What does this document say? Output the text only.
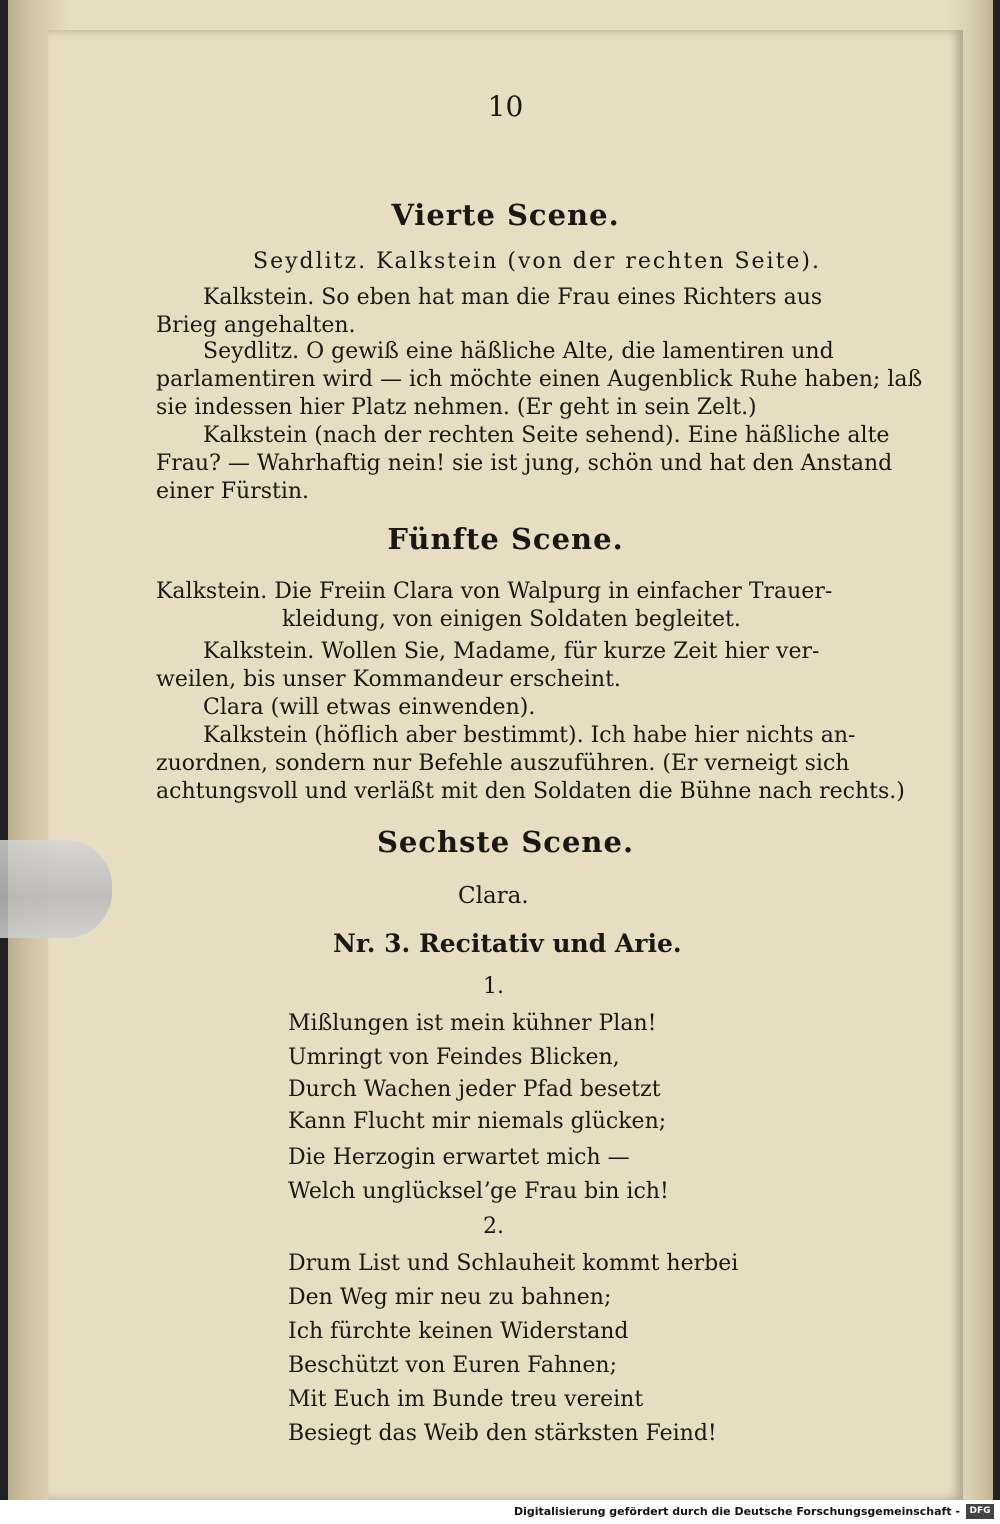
10
Vierte Scene.
Seydlitz. Kalkstein (von der rechten Seite).
Kalkstein. So eben hat man die Frau eines Richters aus
Brieg angehalten.
Seydlitz. O gewiß eine häßliche Alte, die lamentiren und
parlamentiren wird — ich möchte einen Augenblick Ruhe haben; laß
sie indessen hier Platz nehmen. (Er geht in sein Zelt.)
Kalkstein (nach der rechten Seite sehend). Eine häßliche alte
Frau? — Wahrhaftig nein! sie ist jung, schön und hat den Anstand
einer Fürstin.
Fünfte Scene.
Kalkstein. Die Freiin Clara von Walpurg in einfacher Trauer-
kleidung, von einigen Soldaten begleitet.
Kalkstein. Wollen Sie, Madame, für kurze Zeit hier ver-
weilen, bis unser Kommandeur erscheint.
Clara (will etwas einwenden).
Kalkstein (höflich aber bestimmt). Ich habe hier nichts an-
zuordnen, sondern nur Befehle auszuführen. (Er verneigt sich
achtungsvoll und verläßt mit den Soldaten die Bühne nach rechts.)
Sechste Scene.
Clara.
Nr. 3. Recitativ und Arie.
1.
Mißlungen ist mein kühner Plan!
Umringt von Feindes Blicken,
Durch Wachen jeder Pfad besetzt
Kann Flucht mir niemals glücken;
Die Herzogin erwartet mich —
Welch unglückselʼge Frau bin ich!
2.
Drum List und Schlauheit kommt herbei
Den Weg mir neu zu bahnen;
Ich fürchte keinen Widerstand
Beschützt von Euren Fahnen;
Mit Euch im Bunde treu vereint
Besiegt das Weib den stärksten Feind!
Digitalisierung gefördert durch die Deutsche Forschungsgemeinschaft -	DFG
